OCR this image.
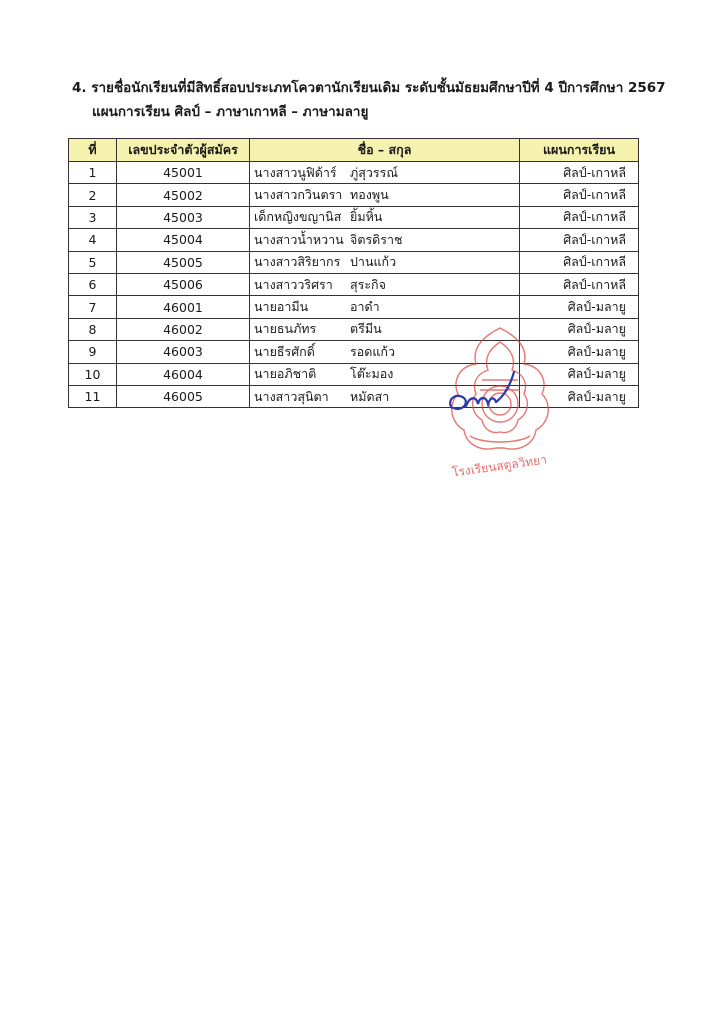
4. รายชื่อนักเรียนที่มีสิทธิ์สอบประเภทโควตานักเรียนเดิม ระดับชั้นมัธยมศึกษาปีที่ 4 ปีการศึกษา 2567
แผนการเรียน ศิลป์ – ภาษาเกาหลี – ภาษามลายู
ที่	เลขประจำตัวผู้สมัคร	ชื่อ – สกุล	แผนการเรียน
1	45001	นางสาวนูฟิด้าร์ ภู่สุวรรณ์	ศิลป์-เกาหลี
2	45002	นางสาวกวินตรา ทองพูน	ศิลป์-เกาหลี
3	45003	เด็กหญิงขญานิส ยิ้มหิ้น	ศิลป์-เกาหลี
4	45004	นางสาวน้ำหวาน จิตรดิราช	ศิลป์-เกาหลี
5	45005	นางสาวสิริยากร ปานแก้ว	ศิลป์-เกาหลี
6	45006	นางสาววริศรา สุระกิจ	ศิลป์-เกาหลี
7	46001	นายอามีน อาดำ	ศิลป์-มลายู
8	46002	นายธนภัทร ตรีมีน	ศิลป์-มลายู
9	46003	นายธีรศักดิ์ รอดแก้ว	ศิลป์-มลายู
10	46004	นายอภิชาติ โต๊ะมอง	ศิลป์-มลายู
11	46005	นางสาวสุนิตา หมัดสา	ศิลป์-มลายู
โรงเรียนสตูลวิทยา
